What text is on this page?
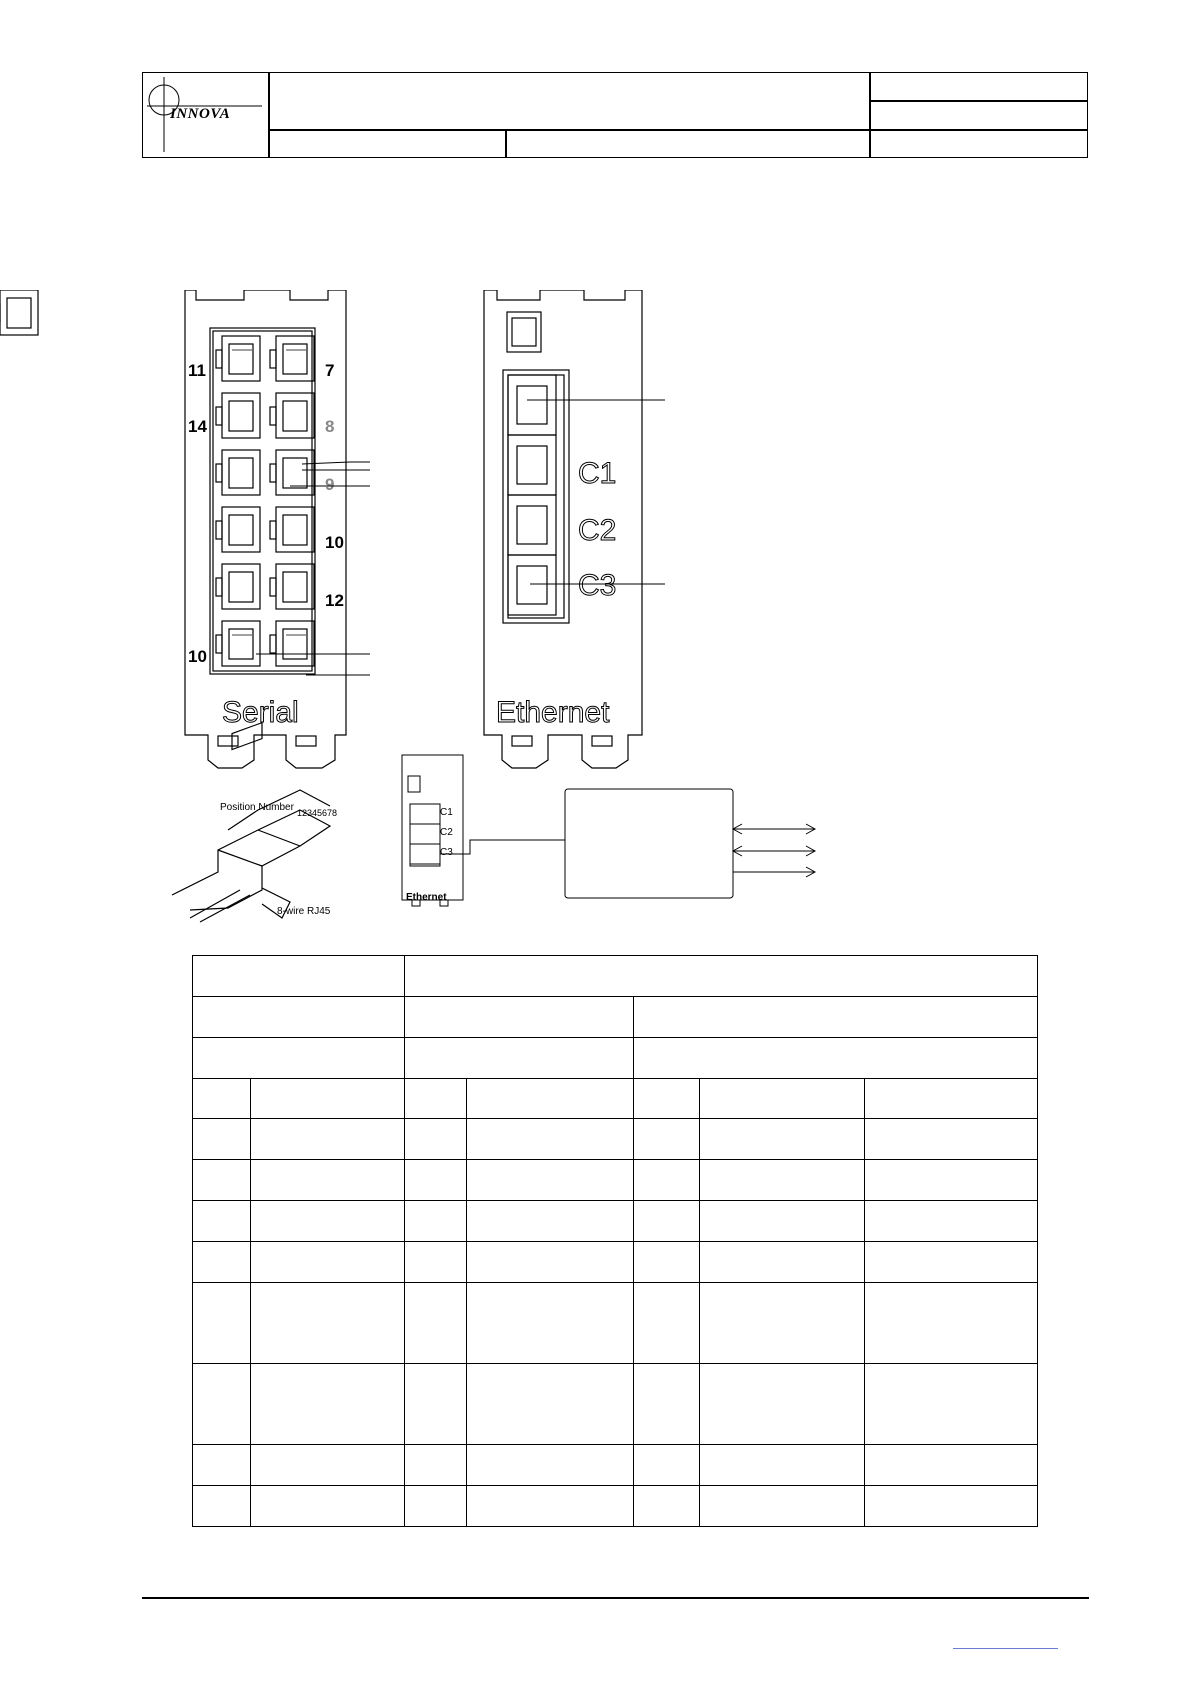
INNOVA
11	7
14	8
9
10
12
10
Serial
C1
C2
C3
Ethernet
Position Number 12345678
8-wire RJ45
C1
C2
C3
Ethernet
